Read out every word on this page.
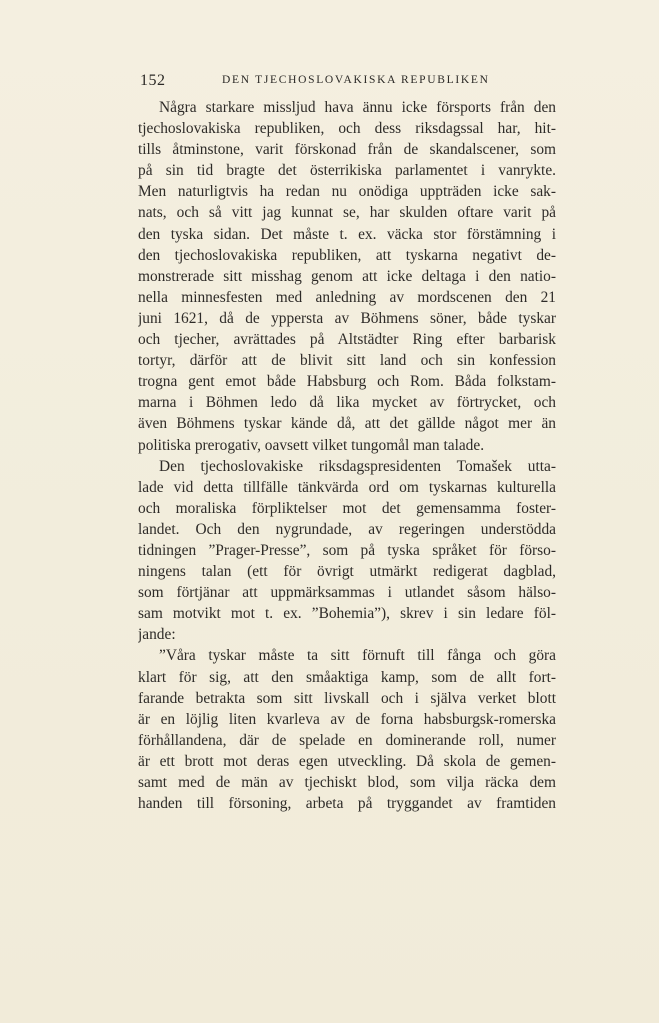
152	DEN TJECHOSLOVAKISKA REPUBLIKEN
Några starkare missljud hava ännu icke försports från den
tjechoslovakiska republiken, och dess riksdagssal har, hit-
tills åtminstone, varit förskonad från de skandalscener, som
på sin tid bragte det österrikiska parlamentet i vanrykte.
Men naturligtvis ha redan nu onödiga uppträden icke sak-
nats, och så vitt jag kunnat se, har skulden oftare varit på
den tyska sidan. Det måste t. ex. väcka stor förstämning i
den tjechoslovakiska republiken, att tyskarna negativt de-
monstrerade sitt misshag genom att icke deltaga i den natio-
nella minnesfesten med anledning av mordscenen den 21
juni 1621, då de yppersta av Böhmens söner, både tyskar
och tjecher, avrättades på Altstädter Ring efter barbarisk
tortyr, därför att de blivit sitt land och sin konfession
trogna gent emot både Habsburg och Rom. Båda folkstam-
marna i Böhmen ledo då lika mycket av förtrycket, och
även Böhmens tyskar kände då, att det gällde något mer än
politiska prerogativ, oavsett vilket tungomål man talade.
Den tjechoslovakiske riksdagspresidenten Tomašek utta-
lade vid detta tillfälle tänkvärda ord om tyskarnas kulturella
och moraliska förpliktelser mot det gemensamma foster-
landet. Och den nygrundade, av regeringen understödda
tidningen ”Prager-Presse”, som på tyska språket för förso-
ningens talan (ett för övrigt utmärkt redigerat dagblad,
som förtjänar att uppmärksammas i utlandet såsom hälso-
sam motvikt mot t. ex. ”Bohemia”), skrev i sin ledare föl-
jande:
”Våra tyskar måste ta sitt förnuft till fånga och göra
klart för sig, att den småaktiga kamp, som de allt fort-
farande betrakta som sitt livskall och i själva verket blott
är en löjlig liten kvarleva av de forna habsburgsk-romerska
förhållandena, där de spelade en dominerande roll, numer
är ett brott mot deras egen utveckling. Då skola de gemen-
samt med de män av tjechiskt blod, som vilja räcka dem
handen till försoning, arbeta på tryggandet av framtiden
